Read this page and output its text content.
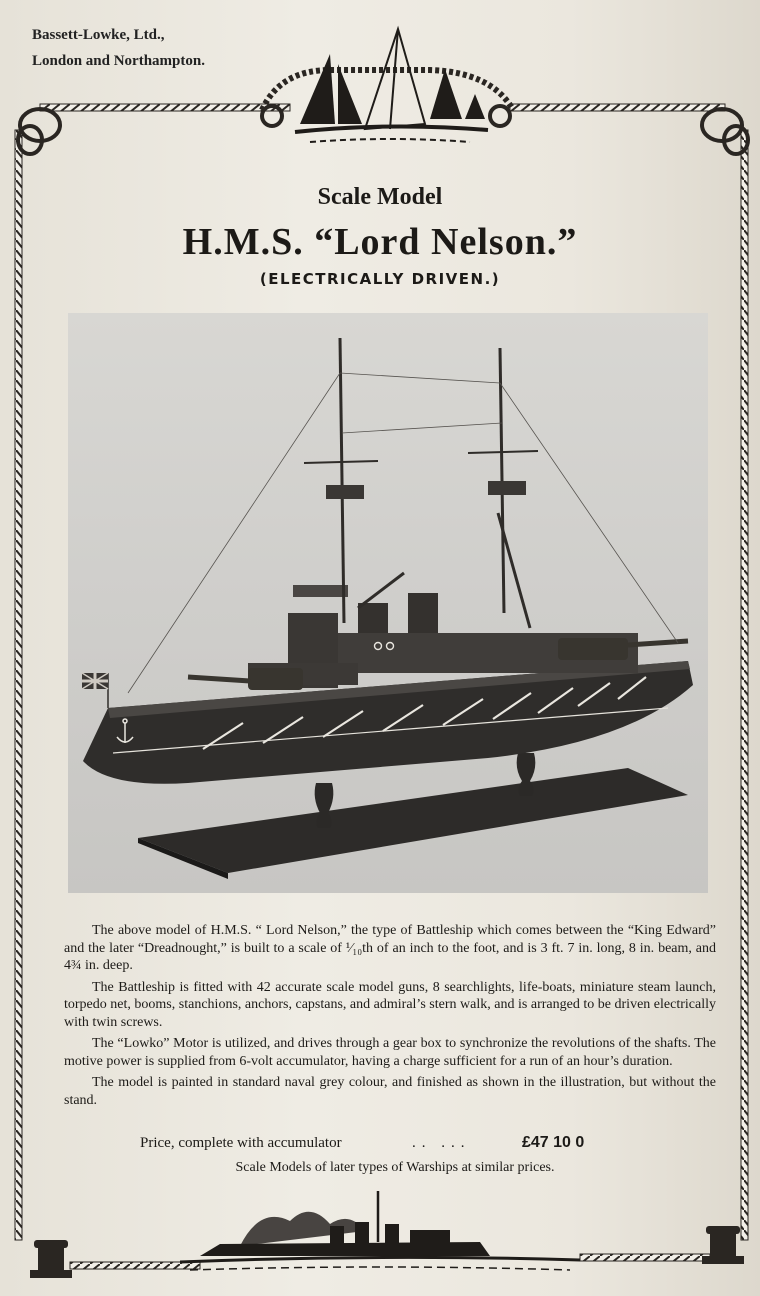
Bassett-Lowke, Ltd.,
London and Northampton.
Scale Model
H.M.S. “Lord Nelson.”
(ELECTRICALLY DRIVEN.)

The above model of H.M.S. “ Lord Nelson,” the type of Battleship which comes between the “King Edward” and the later “Dreadnought,” is built to a scale of ¹⁄₁₀th of an inch to the foot, and is 3 ft. 7 in. long, 8 in. beam, and 4¾ in. deep.

The Battleship is fitted with 42 accurate scale model guns, 8 searchlights, life-boats, miniature steam launch, torpedo net, booms, stanchions, anchors, capstans, and admiral’s stern walk, and is arranged to be driven electrically with twin screws.

The “Lowko” Motor is utilized, and drives through a gear box to synchronize the revolutions of the shafts. The motive power is supplied from 6-volt accumulator, having a charge sufficient for a run of an hour’s duration.

The model is painted in standard naval grey colour, and finished as shown in the illustration, but without the stand.

Price, complete with accumulator	.. ...	£47 10 0
Scale Models of later types of Warships at similar prices.
